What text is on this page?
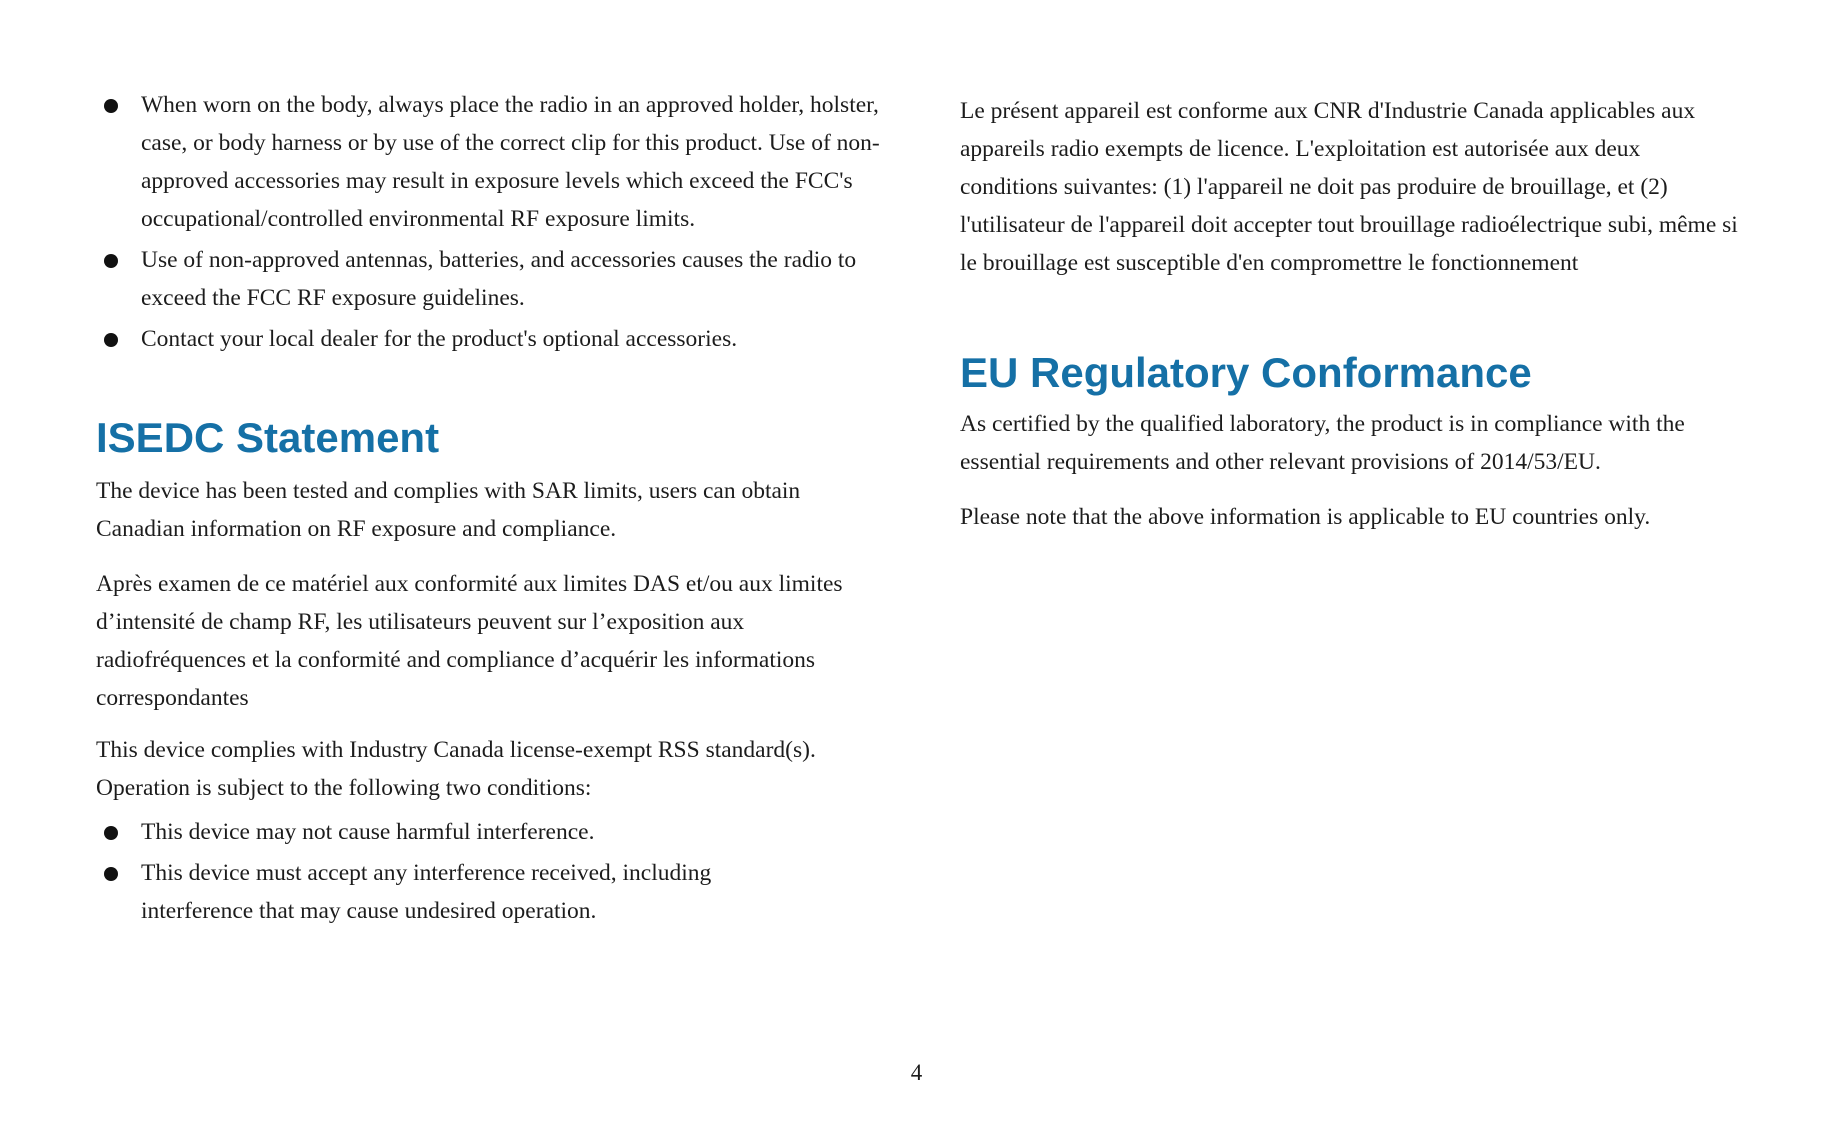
When worn on the body, always place the radio in an approved holder, holster, case, or body harness or by use of the correct clip for this product. Use of non-approved accessories may result in exposure levels which exceed the FCC's occupational/controlled environmental RF exposure limits.
Use of non-approved antennas, batteries, and accessories causes the radio to exceed the FCC RF exposure guidelines.
Contact your local dealer for the product's optional accessories.
ISEDC Statement

The device has been tested and complies with SAR limits, users can obtain Canadian information on RF exposure and compliance.

Après examen de ce matériel aux conformité aux limites DAS et/ou aux limites d’intensité de champ RF, les utilisateurs peuvent sur l’exposition aux radiofréquences et la conformité and compliance d’acquérir les informations correspondantes

This device complies with Industry Canada license-exempt RSS standard(s). Operation is subject to the following two conditions:

This device may not cause harmful interference.
This device must accept any interference received, including interference that may cause undesired operation.

Le présent appareil est conforme aux CNR d'Industrie Canada applicables aux appareils radio exempts de licence. L'exploitation est autorisée aux deux conditions suivantes: (1) l'appareil ne doit pas produire de brouillage, et (2) l'utilisateur de l'appareil doit accepter tout brouillage radioélectrique subi, même si le brouillage est susceptible d'en compromettre le fonctionnement

EU Regulatory Conformance

As certified by the qualified laboratory, the product is in compliance with the essential requirements and other relevant provisions of 2014/53/EU.

Please note that the above information is applicable to EU countries only.

4
